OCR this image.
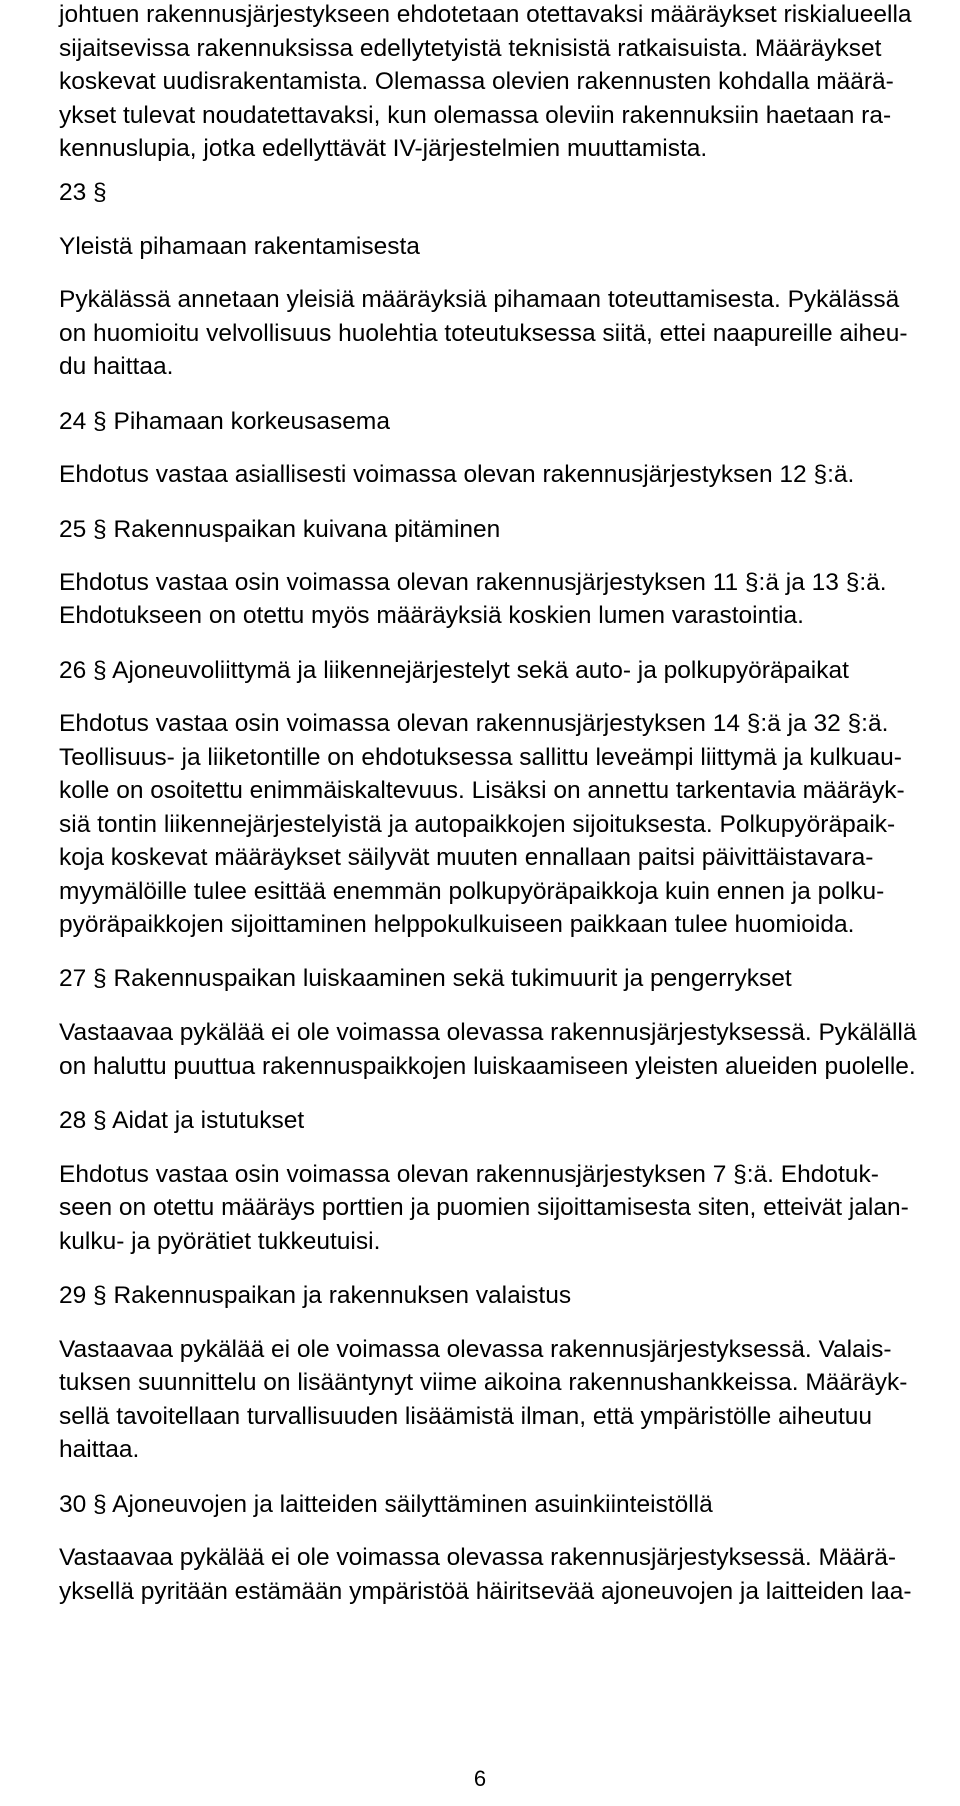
johtuen rakennusjärjestykseen ehdotetaan otettavaksi määräykset riskialueella

sijaitsevissa rakennuksissa edellytetyistä teknisistä ratkaisuista. Määräykset

koskevat uudisrakentamista. Olemassa olevien rakennusten kohdalla määrä-

ykset tulevat noudatettavaksi, kun olemassa oleviin rakennuksiin haetaan ra-

kennuslupia, jotka edellyttävät IV-järjestelmien muuttamista.

23 §

Yleistä pihamaan rakentamisesta

Pykälässä annetaan yleisiä määräyksiä pihamaan toteuttamisesta. Pykälässä

on huomioitu velvollisuus huolehtia toteutuksessa siitä, ettei naapureille aiheu-

du haittaa.

24 § Pihamaan korkeusasema

Ehdotus vastaa asiallisesti voimassa olevan rakennusjärjestyksen 12 §:ä.

25 § Rakennuspaikan kuivana pitäminen

Ehdotus vastaa osin voimassa olevan rakennusjärjestyksen 11 §:ä ja 13 §:ä.

Ehdotukseen on otettu myös määräyksiä koskien lumen varastointia.

26 § Ajoneuvoliittymä ja liikennejärjestelyt sekä auto- ja polkupyöräpaikat

Ehdotus vastaa osin voimassa olevan rakennusjärjestyksen 14 §:ä ja 32 §:ä.

Teollisuus- ja liiketontille on ehdotuksessa sallittu leveämpi liittymä ja kulkuau-

kolle on osoitettu enimmäiskaltevuus. Lisäksi on annettu tarkentavia määräyk-

siä tontin liikennejärjestelyistä ja autopaikkojen sijoituksesta. Polkupyöräpaik-

koja koskevat määräykset säilyvät muuten ennallaan paitsi päivittäistavara-

myymälöille tulee esittää enemmän polkupyöräpaikkoja kuin ennen ja polku-

pyöräpaikkojen sijoittaminen helppokulkuiseen paikkaan tulee huomioida.

27 § Rakennuspaikan luiskaaminen sekä tukimuurit ja pengerrykset

Vastaavaa pykälää ei ole voimassa olevassa rakennusjärjestyksessä. Pykälällä

on haluttu puuttua rakennuspaikkojen luiskaamiseen yleisten alueiden puolelle.

28 § Aidat ja istutukset

Ehdotus vastaa osin voimassa olevan rakennusjärjestyksen 7 §:ä. Ehdotuk-

seen on otettu määräys porttien ja puomien sijoittamisesta siten, etteivät jalan-

kulku- ja pyörätiet tukkeutuisi.

29 § Rakennuspaikan ja rakennuksen valaistus

Vastaavaa pykälää ei ole voimassa olevassa rakennusjärjestyksessä. Valais-

tuksen suunnittelu on lisääntynyt viime aikoina rakennushankkeissa. Määräyk-

sellä tavoitellaan turvallisuuden lisäämistä ilman, että ympäristölle aiheutuu

haittaa.

30 § Ajoneuvojen ja laitteiden säilyttäminen asuinkiinteistöllä

Vastaavaa pykälää ei ole voimassa olevassa rakennusjärjestyksessä. Määrä-

yksellä pyritään estämään ympäristöä häiritsevää ajoneuvojen ja laitteiden laa-

6
